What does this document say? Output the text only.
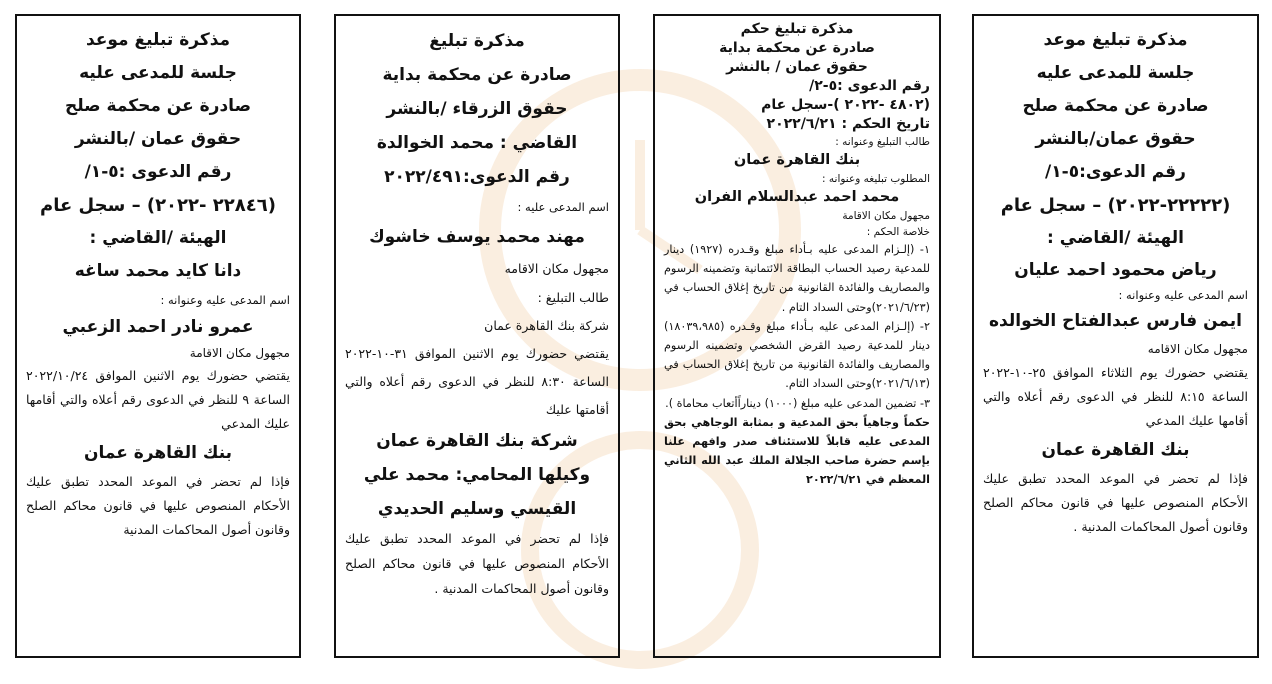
مذكرة تبليغ موعد
جلسة للمدعى عليه
صادرة عن محكمة صلح
حقوق عمان/بالنشر
رقم الدعوى:٥-١/
(٢٢٢٢٢-٢٠٢٢) – سجل عام
الهيئة /القاضي :
رياض محمود احمد عليان
اسم المدعى عليه وعنوانه :
ايمن فارس عبدالفتاح الخوالده
مجهول مكان الاقامه
يقتضي حضورك يوم الثلاثاء الموافق ٢٥-١٠-٢٠٢٢ الساعة ٨:١٥ للنظر في الدعوى رقم أعلاه والتي أقامها عليك المدعي
بنك القاهرة عمان
فإذا لم تحضر في الموعد المحدد تطبق عليك الأحكام المنصوص عليها في قانون محاكم الصلح وقانون أصول المحاكمات المدنية .
مذكرة تبليغ حكم
صادرة عن محكمة بداية
حقوق عمان / بالنشر
رقم الدعوى :٥-٢/
(٤٨٠٢ -٢٠٢٢ )-سجل عام
تاريخ الحكم : ٢٠٢٢/٦/٢١
طالب التبليغ وعنوانه :
بنك القاهرة عمان
المطلوب تبليغه وعنوانه :
محمد احمد عبدالسلام الفران
مجهول مكان الاقامة
خلاصة الحكم :
١- (إلـزام المدعى عليه بـأداء مبلغ وقـدره (١٩٢٧) دينار للمدعية رصيد الحساب البطاقة الائتمانية وتضمينه الرسوم والمصاريف والفائدة القانونية من تاريخ إغلاق الحساب في (٢٠٢١/٦/٢٣)وحتى السداد التام .
٢- (إلـزام المدعى عليه بـأداء مبلغ وقـدره (١٨٠٣٩،٩٨٥) دينار للمدعية رصيد القرض الشخصي وتضمينه الرسوم والمصاريف والفائدة القانونية من تاريخ إغلاق الحساب في (٢٠٢١/٦/١٣)وحتى السداد التام.
٣- تضمين المدعى عليه مبلغ (١٠٠٠) ديناراًأتعاب محاماة ).
حكماً وجاهياً بحق المدعية و بمثابة الوجاهي بحق المدعى عليه قابلاً للاستئناف صدر وافهم علنا بإسم حضرة صاحب الجلالة الملك عبد الله الثاني المعظم في ٢٠٢٢/٦/٢١
مذكرة تبليغ
صادرة عن محكمة بداية
حقوق الزرقاء /بالنشر
القاضي : محمد الخوالدة
رقم الدعوى:٢٠٢٢/٤٩١
اسم المدعى عليه :
مهند محمد يوسف خاشوك
مجهول مكان الاقامه
طالب التبليغ :
شركة بنك القاهرة عمان
يقتضي حضورك يوم الاثنين الموافق ٣١-١٠-٢٠٢٢ الساعة ٨:٣٠ للنظر في الدعوى رقم أعلاه والتي أقامتها عليك
شركة بنك القاهرة عمان
وكيلها المحامي: محمد علي
القيسي وسليم الحديدي
فإذا لم تحضر في الموعد المحدد تطبق عليك الأحكام المنصوص عليها في قانون محاكم الصلح وقانون أصول المحاكمات المدنية .
مذكرة تبليغ موعد
جلسة للمدعى عليه
صادرة عن محكمة صلح
حقوق عمان /بالنشر
رقم الدعوى :٥-١/
(٢٢٨٤٦ -٢٠٢٢) – سجل عام
الهيئة /القاضي :
دانا كايد محمد ساغه
اسم المدعى عليه وعنوانه :
عمرو نادر احمد الزعبي
مجهول مكان الاقامة
يقتضي حضورك يوم الاثنين الموافق ٢٠٢٢/١٠/٢٤ الساعة ٩ للنظر في الدعوى رقم أعلاه والتي أقامها عليك المدعي
بنك القاهرة عمان
فإذا لم تحضر في الموعد المحدد تطبق عليك الأحكام المنصوص عليها في قانون محاكم الصلح وقانون أصول المحاكمات المدنية
